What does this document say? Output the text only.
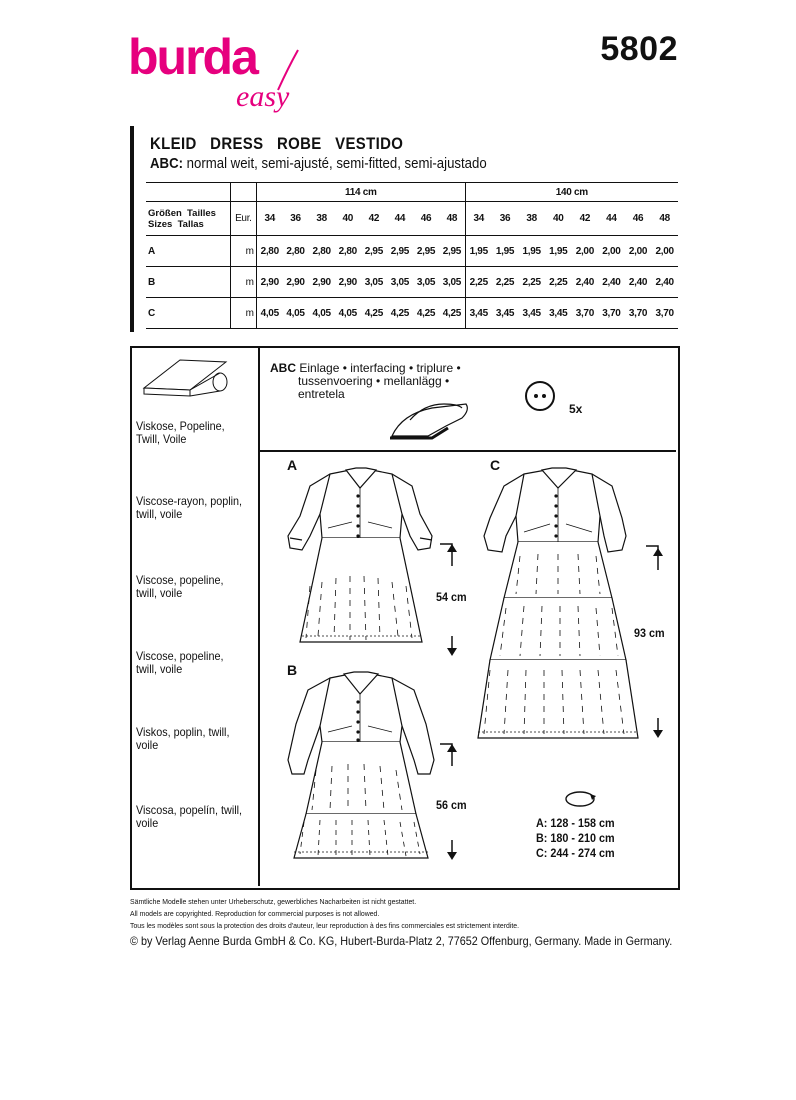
burda
easy
5802
KLEID   DRESS   ROBE   VESTIDO
ABC: normal weit, semi-ajusté, semi-fitted, semi-ajustado
		114 cm								140 cm							

Größen  Tailles
Sizes  Tallas	Eur.	34	36	38	40	42	44	46	48	34	36	38	40	42	44	46	48
A	m	2,80	2,80	2,80	2,80	2,95	2,95	2,95	2,95	1,95	1,95	1,95	1,95	2,00	2,00	2,00	2,00
B	m	2,90	2,90	2,90	2,90	3,05	3,05	3,05	3,05	2,25	2,25	2,25	2,25	2,40	2,40	2,40	2,40
C	m	4,05	4,05	4,05	4,05	4,25	4,25	4,25	4,25	3,45	3,45	3,45	3,45	3,70	3,70	3,70	3,70
Viskose, Popeline,
Twill, Voile
Viscose-rayon, poplin,
twill, voile
Viscose, popeline,
twill, voile
Viscose, popeline,
twill, voile
Viskos, poplin, twill,
voile
Viscosa, popelín, twill,
voile
ABC Einlage • interfacing • triplure •
tussenvoering • mellanlägg •
entretela
5x
A
B
C
54 cm
56 cm
93 cm
A: 128 - 158 cm
B: 180 - 210 cm
C: 244 - 274 cm
Sämtliche Modelle stehen unter Urheberschutz, gewerbliches Nacharbeiten ist nicht gestattet.
All models are copyrighted. Reproduction for commercial purposes is not allowed.
Tous les modèles sont sous la protection des droits d'auteur, leur reproduction à des fins commerciales est strictement interdite.
© by Verlag Aenne Burda GmbH & Co. KG, Hubert-Burda-Platz 2, 77652 Offenburg, Germany. Made in Germany.
